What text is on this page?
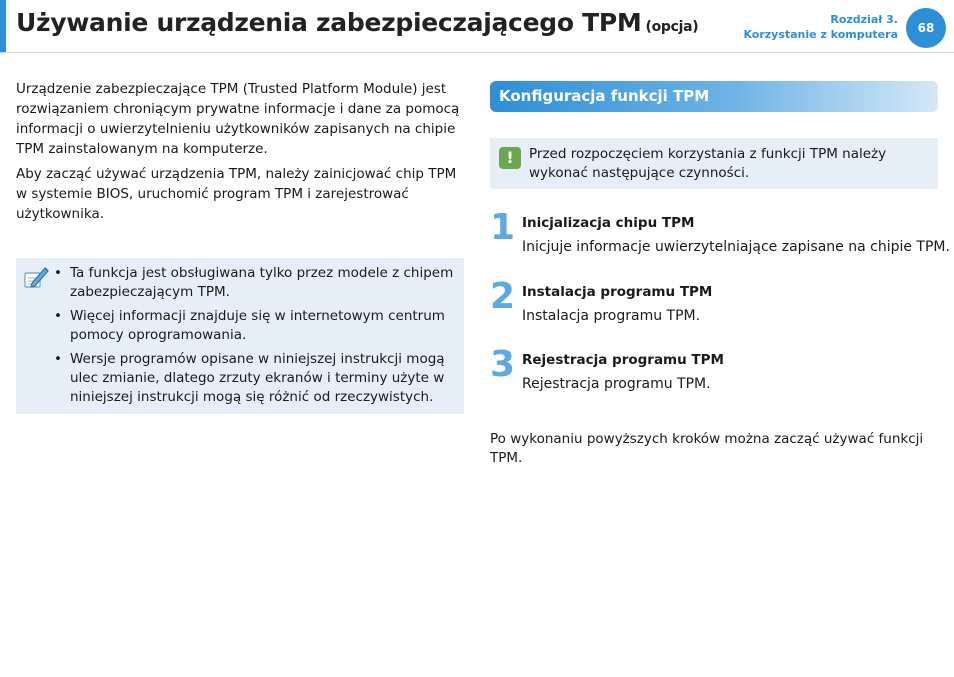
Używanie urządzenia zabezpieczającego TPM (opcja)	Rozdział 3.
Korzystanie z komputera 68

Urządzenie zabezpieczające TPM (Trusted Platform Module) jest rozwiązaniem chroniącym prywatne informacje i dane za pomocą informacji o uwierzytelnieniu użytkowników zapisanych na chipie TPM zainstalowanym na komputerze.

Aby zacząć używać urządzenia TPM, należy zainicjować chip TPM w systemie BIOS, uruchomić program TPM i zarejestrować użytkownika.

• Ta funkcja jest obsługiwana tylko przez modele z chipem zabezpieczającym TPM.
• Więcej informacji znajduje się w internetowym centrum pomocy oprogramowania.
• Wersje programów opisane w niniejszej instrukcji mogą ulec zmianie, dlatego zrzuty ekranów i terminy użyte w niniejszej instrukcji mogą się różnić od rzeczywistych.
Konfiguracja funkcji TPM
!	Przed rozpoczęciem korzystania z funkcji TPM należy wykonać następujące czynności.

1 Inicjalizacja chipu TPM
Inicjuje informacje uwierzytelniające zapisane na chipie TPM.
2 Instalacja programu TPM
Instalacja programu TPM.
3 Rejestracja programu TPM
Rejestracja programu TPM.

Po wykonaniu powyższych kroków można zacząć używać funkcji TPM.
